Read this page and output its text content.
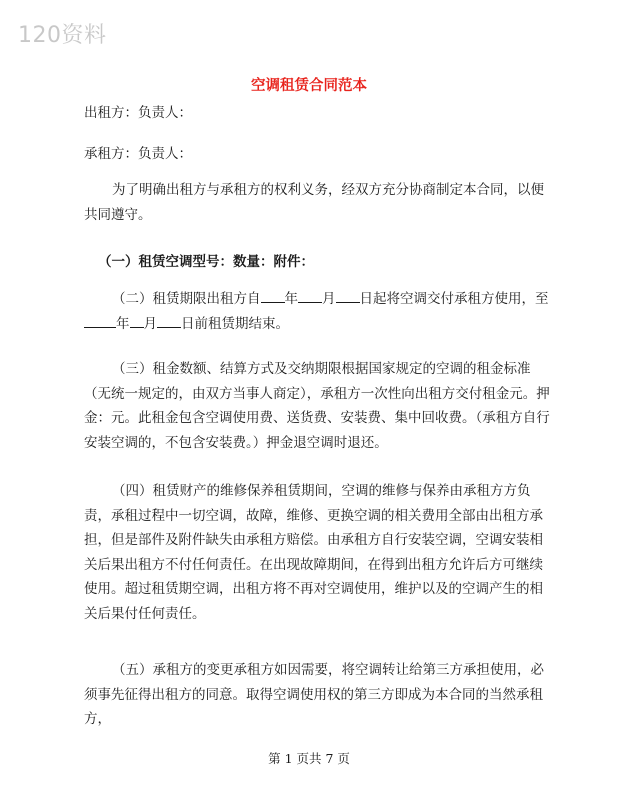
120资料
空调租赁合同范本
出租方：负责人：
承租方：负责人：
为了明确出租方与承租方的权利义务，经双方充分协商制定本合同，以便共同遵守。
（一）租赁空调型号：数量：附件：
（二）租赁期限出租方自 年 月 日起将空调交付承租方使用，至年 月 日前租赁期结束。
（三）租金数额、结算方式及交纳期限根据国家规定的空调的租金标准（无统一规定的，由双方当事人商定），承租方一次性向出租方交付租金元。押金：元。此租金包含空调使用费、送货费、安装费、集中回收费。（承租方自行安装空调的，不包含安装费。）押金退空调时退还。
（四）租赁财产的维修保养租赁期间，空调的维修与保养由承租方方负责，承租过程中一切空调，故障，维修、更换空调的相关费用全部由出租方承担，但是部件及附件缺失由承租方赔偿。由承租方自行安装空调，空调安装相关后果出租方不付任何责任。在出现故障期间，在得到出租方允许后方可继续使用。超过租赁期空调，出租方将不再对空调使用，维护以及的空调产生的相关后果付任何责任。
（五）承租方的变更承租方如因需要，将空调转让给第三方承担使用，必须事先征得出租方的同意。取得空调使用权的第三方即成为本合同的当然承租方，
第 1 页共 7 页
